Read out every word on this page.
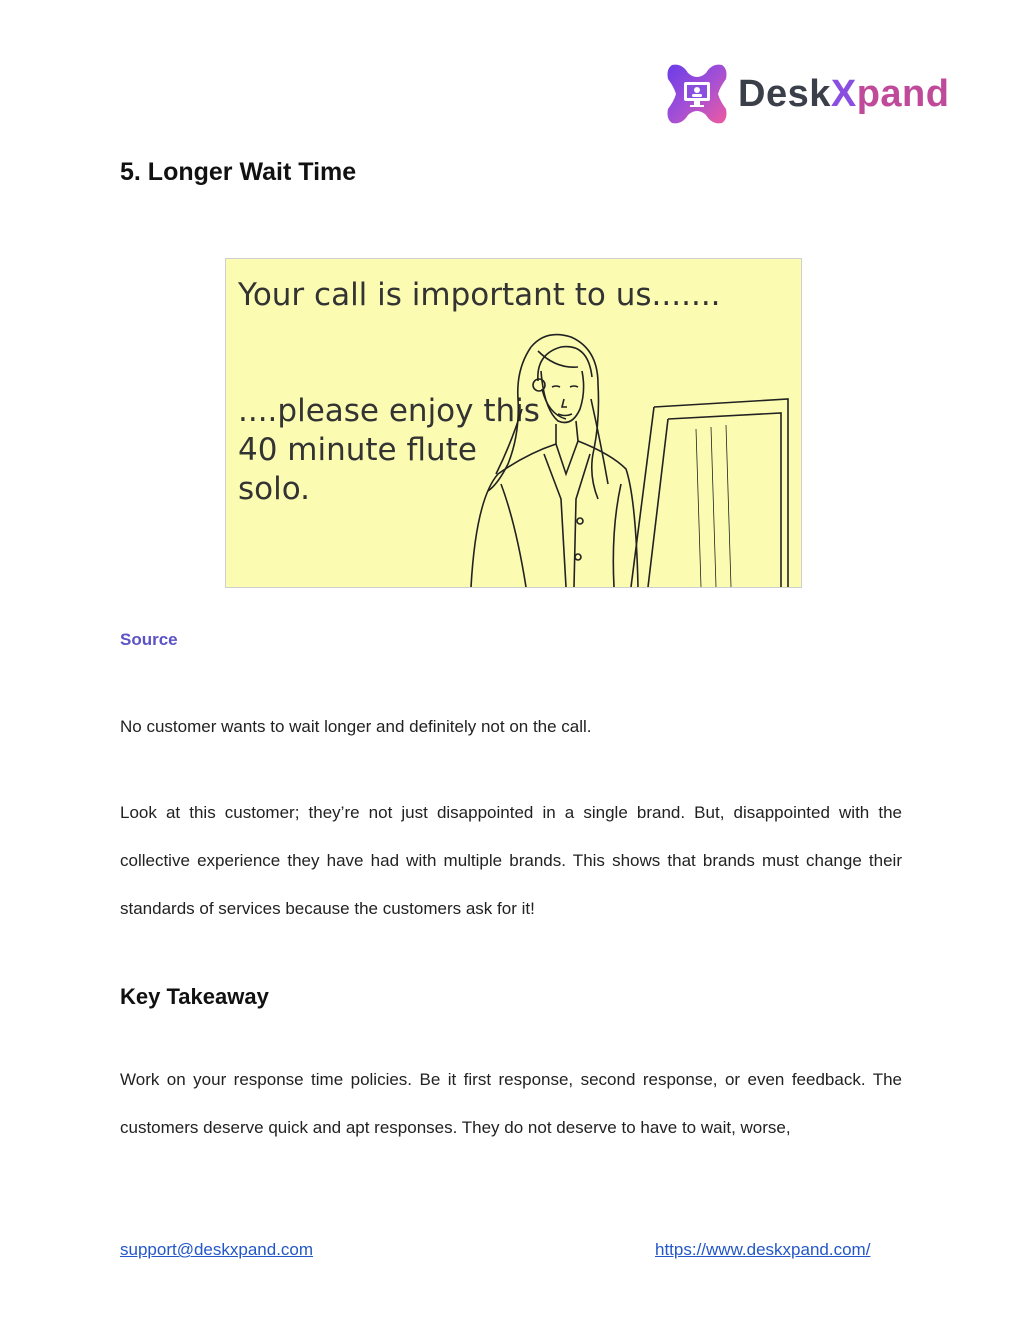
DeskXpand
5. Longer Wait Time
Your call is important to us.......
....please enjoy this
40 minute flute
solo.
Source

No customer wants to wait longer and definitely not on the call.

Look at this customer; they’re not just disappointed in a single brand. But, disappointed with the collective experience they have had with multiple brands. This shows that brands must change their standards of services because the customers ask for it!

Key Takeaway

Work on your response time policies. Be it first response, second response, or even feedback. The customers deserve quick and apt responses. They do not deserve to have to wait, worse,

support@deskxpand.com	https://www.deskxpand.com/
